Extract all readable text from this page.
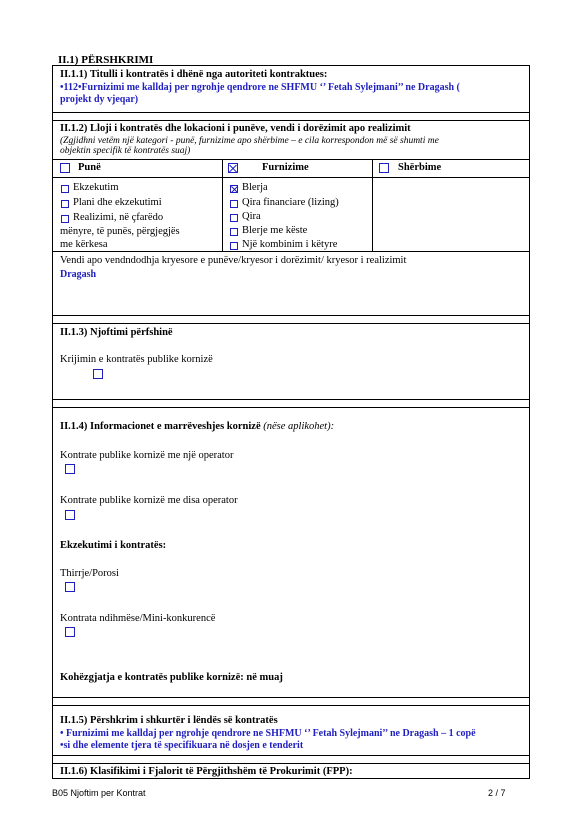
II.1) PËRSHKRIMI
II.1.1) Titulli i kontratës i dhënë nga autoriteti kontraktues:
•112•Furnizimi me kalldaj per ngrohje qendrore ne SHFMU ‘’ Fetah Sylejmani’’ ne Dragash (
projekt dy vjeqar)
II.1.2) Lloji i kontratës dhe lokacioni i punëve, vendi i dorëzimit apo realizimit
(Zgjidhni vetëm një kategori - punë, furnizime apo shërbime – e cila korrespondon më së shumti me
objektin specifik të kontratës suaj)
Punë	Furnizime	Shërbime
Ekzekutim
Plani dhe ekzekutimi
Realizimi, në çfarëdo
mënyre, të punës, përgjegjës
me kërkesa
Blerja
Qira financiare (lizing)
Qira
Blerje me këste
Një kombinim i këtyre
Vendi apo vendndodhja kryesore e punëve/kryesor i dorëzimit/ kryesor i realizimit
Dragash
II.1.3) Njoftimi përfshinë
Krijimin e kontratës publike kornizë
II.1.4) Informacionet e marrëveshjes kornizë (nëse aplikohet):
Kontrate publike kornizë me një operator
Kontrate publike kornizë me disa operator
Ekzekutimi i kontratës:
Thirrje/Porosi
Kontrata ndihmëse/Mini-konkurencë
Kohëzgjatja e kontratës publike kornizë: në muaj
II.1.5) Përshkrim i shkurtër i lëndës së kontratës
• Furnizimi me kalldaj per ngrohje qendrore ne SHFMU ‘’ Fetah Sylejmani’’ ne Dragash – 1 copë
•si dhe elemente tjera të specifikuara në dosjen e tenderit
II.1.6) Klasifikimi i Fjalorit të Përgjithshëm të Prokurimit (FPP):
B05 Njoftim per Kontrat	2 / 7
